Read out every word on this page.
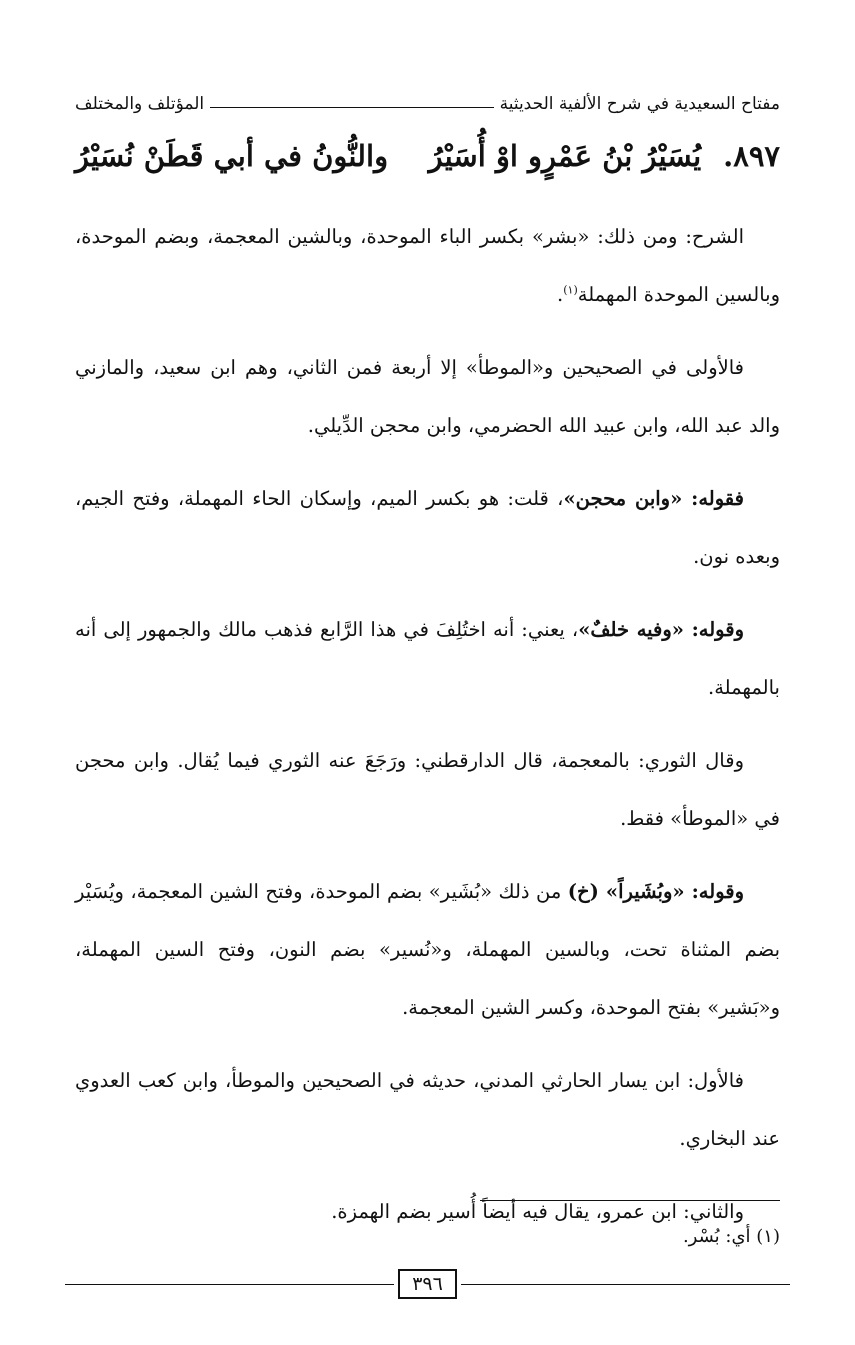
مفتاح السعيدية في شرح الألفية الحديثية
المؤتلف والمختلف
٨٩٧.
يُسَيْرُ بْنُ عَمْرٍو اوْ أُسَيْرُ
والنُّونُ في أبي قَطَنْ نُسَيْرُ

الشرح: ومن ذلك: «بشر» بكسر الباء الموحدة، وبالشين المعجمة، وبضم الموحدة، وبالسين الموحدة المهملة$^{(١)}$.

فالأولى في الصحيحين و«الموطأ» إلا أربعة فمن الثاني، وهم ابن سعيد، والمازني والد عبد الله، وابن عبيد الله الحضرمي، وابن محجن الدِّيلي.

فقوله: «وابن محجن»، قلت: هو بكسر الميم، وإسكان الحاء المهملة، وفتح الجيم، وبعده نون.

وقوله: «وفيه خلفٌ»، يعني: أنه اختُلِفَ في هذا الرَّابع فذهب مالك والجمهور إلى أنه بالمهملة.

وقال الثوري: بالمعجمة، قال الدارقطني: ورَجَعَ عنه الثوري فيما يُقال. وابن محجن في «الموطأ» فقط.

وقوله: «وبُشَيراً» (خ) من ذلك «بُشَير» بضم الموحدة، وفتح الشين المعجمة، ويُسَيْر بضم المثناة تحت، وبالسين المهملة، و«نُسير» بضم النون، وفتح السين المهملة، و«بَشير» بفتح الموحدة، وكسر الشين المعجمة.

فالأول: ابن يسار الحارثي المدني، حديثه في الصحيحين والموطأ، وابن كعب العدوي عند البخاري.

والثاني: ابن عمرو، يقال فيه أيضاً أُسير بضم الهمزة.

(١) أي: بُسْر.
٣٩٦
